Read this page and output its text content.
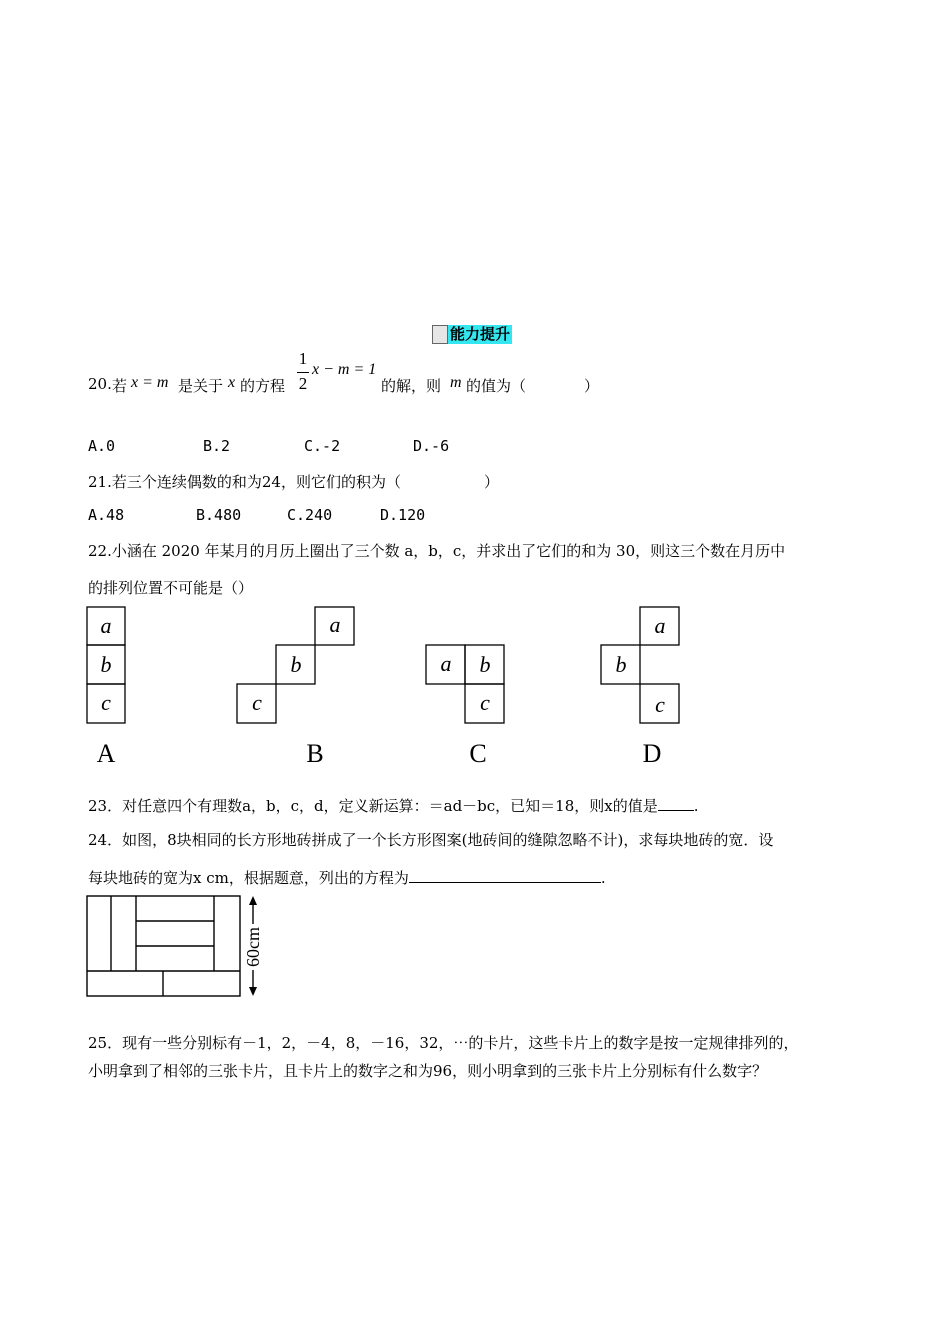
能力提升
20. 若 x = m 是关于 x 的方程
1
2
x − m = 1
的解，则 m 的值为（	）
A.0	B.2	C.-2	D.-6
21.若三个连续偶数的和为24，则它们的积为（	）
A.48	B.480	C.240	D.120
22.小涵在 2020 年某月的月历上圈出了三个数 a，b，c，并求出了它们的和为 30，则这三个数在月历中
的排列位置不可能是（）
a
b
c
a
b
c
a b
c
a
b
c
A	B	C	D
23．对任意四个有理数a，b，c，d，定义新运算：＝ad－bc，已知＝18，则x的值是 .
24．如图，8块相同的长方形地砖拼成了一个长方形图案(地砖间的缝隙忽略不计)，求每块地砖的宽．设
每块地砖的宽为x cm，根据题意，列出的方程为	.
60cm
25．现有一些分别标有－1，2，－4，8，－16，32，⋯的卡片，这些卡片上的数字是按一定规律排列的，
小明拿到了相邻的三张卡片，且卡片上的数字之和为96，则小明拿到的三张卡片上分别标有什么数字？
